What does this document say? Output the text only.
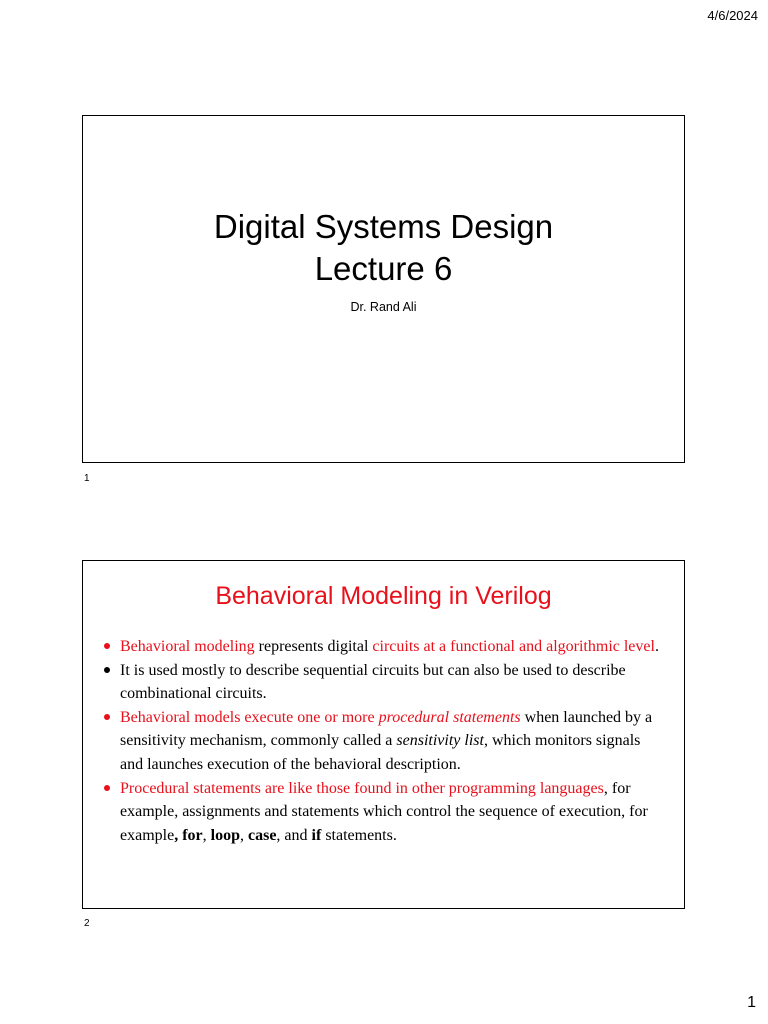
4/6/2024
Digital Systems Design
Lecture 6
Dr. Rand Ali
1
Behavioral Modeling in Verilog
Behavioral modeling represents digital circuits at a functional and algorithmic level.
It is used mostly to describe sequential circuits but can also be used to describe combinational circuits.
Behavioral models execute one or more procedural statements when launched by a sensitivity mechanism, commonly called a sensitivity list, which monitors signals and launches execution of the behavioral description.
Procedural statements are like those found in other programming languages, for example, assignments and statements which control the sequence of execution, for example, for, loop, case, and if statements.
2
1
